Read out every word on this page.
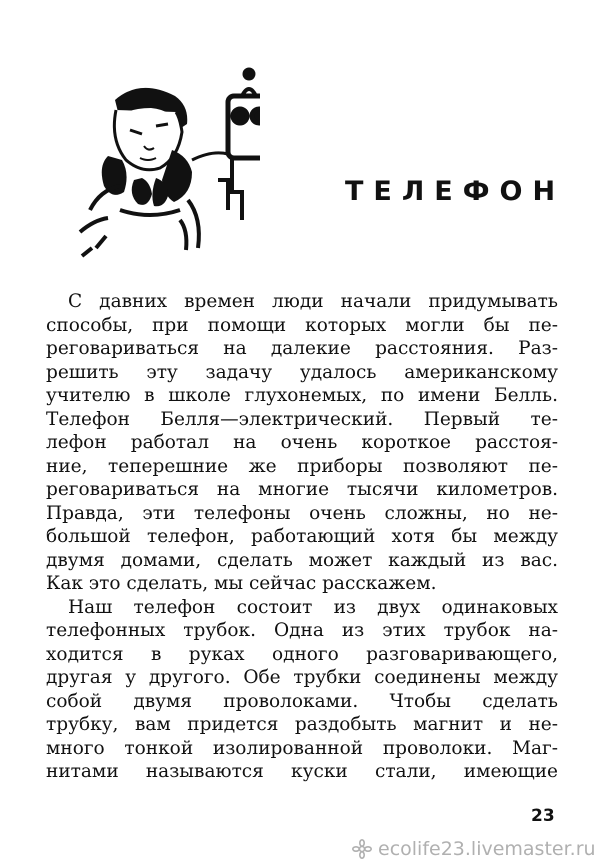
ТЕЛЕФОН
С давних времен люди начали придумывать
способы, при помощи которых могли бы пе-
реговариваться на далекие расстояния. Раз-
решить эту задачу удалось американскому
учителю в школе глухонемых, по имени Белль.
Телефон Белля—электрический. Первый те-
лефон работал на очень короткое расстоя-
ние, теперешние же приборы позволяют пе-
реговариваться на многие тысячи километров.
Правда, эти телефоны очень сложны, но не-
большой телефон, работающий хотя бы между
двумя домами, сделать может каждый из вас.
Как это сделать, мы сейчас расскажем.
Наш телефон состоит из двух одинаковых
телефонных трубок. Одна из этих трубок на-
ходится в руках одного разговаривающего,
другая у другого. Обе трубки соединены между
собой двумя проволоками. Чтобы сделать
трубку, вам придется раздобыть магнит и не-
много тонкой изолированной проволоки. Маг-
нитами называются куски стали, имеющие
23
ecolife23.livemaster.ru
